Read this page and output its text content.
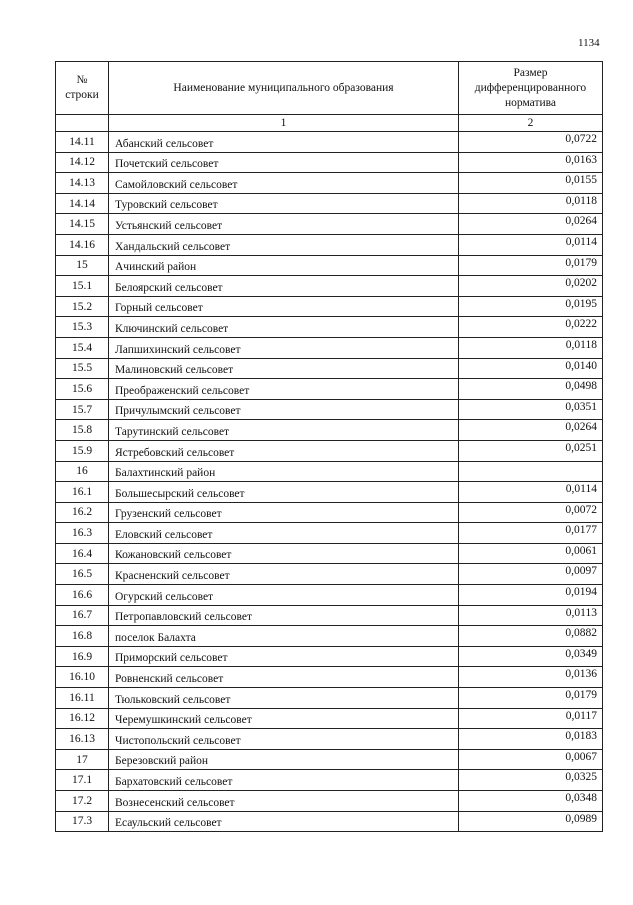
1134
№ строки	Наименование муниципального образования	Размер дифференцированного норматива
	1	2
14.11	Абанский сельсовет	0,0722
14.12	Почетский сельсовет	0,0163
14.13	Самойловский сельсовет	0,0155
14.14	Туровский сельсовет	0,0118
14.15	Устьянский сельсовет	0,0264
14.16	Хандальский сельсовет	0,0114
15	Ачинский район	0,0179
15.1	Белоярский сельсовет	0,0202
15.2	Горный сельсовет	0,0195
15.3	Ключинский сельсовет	0,0222
15.4	Лапшихинский сельсовет	0,0118
15.5	Малиновский сельсовет	0,0140
15.6	Преображенский сельсовет	0,0498
15.7	Причулымский сельсовет	0,0351
15.8	Тарутинский сельсовет	0,0264
15.9	Ястребовский сельсовет	0,0251
16	Балахтинский район	
16.1	Большесырский сельсовет	0,0114
16.2	Грузенский сельсовет	0,0072
16.3	Еловский сельсовет	0,0177
16.4	Кожановский сельсовет	0,0061
16.5	Красненский сельсовет	0,0097
16.6	Огурский сельсовет	0,0194
16.7	Петропавловский сельсовет	0,0113
16.8	поселок Балахта	0,0882
16.9	Приморский сельсовет	0,0349
16.10	Ровненский сельсовет	0,0136
16.11	Тюльковский сельсовет	0,0179
16.12	Черемушкинский сельсовет	0,0117
16.13	Чистопольский сельсовет	0,0183
17	Березовский район	0,0067
17.1	Бархатовский сельсовет	0,0325
17.2	Вознесенский сельсовет	0,0348
17.3	Есаульский сельсовет	0,0989
